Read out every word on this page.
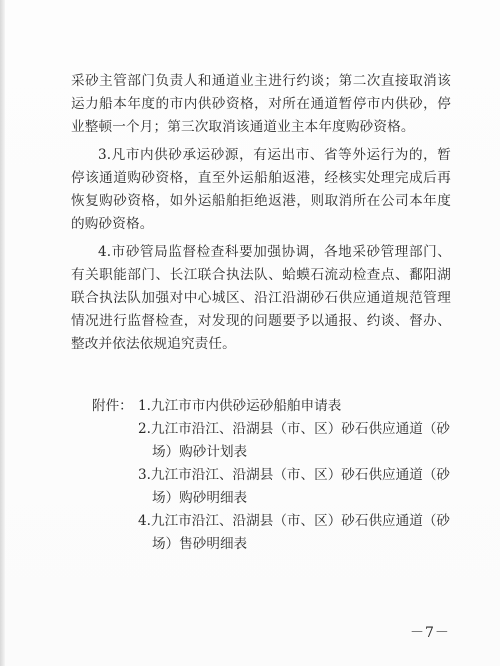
采砂主管部门负责人和通道业主进行约谈；第二次直接取消该运力船本年度的市内供砂资格，对所在通道暂停市内供砂，停业整顿一个月；第三次取消该通道业主本年度购砂资格。

3.凡市内供砂承运砂源，有运出市、省等外运行为的，暂停该通道购砂资格，直至外运船舶返港，经核实处理完成后再恢复购砂资格，如外运船舶拒绝返港，则取消所在公司本年度的购砂资格。

4.市砂管局监督检查科要加强协调，各地采砂管理部门、有关职能部门、长江联合执法队、蛤蟆石流动检查点、鄱阳湖联合执法队加强对中心城区、沿江沿湖砂石供应通道规范管理情况进行监督检查，对发现的问题要予以通报、约谈、督办、整改并依法依规追究责任。

附件： 1.九江市市内供砂运砂船舶申请表
2.九江市沿江、沿湖县（市、区）砂石供应通道（砂
场）购砂计划表
3.九江市沿江、沿湖县（市、区）砂石供应通道（砂
场）购砂明细表
4.九江市沿江、沿湖县（市、区）砂石供应通道（砂
场）售砂明细表
－7－
